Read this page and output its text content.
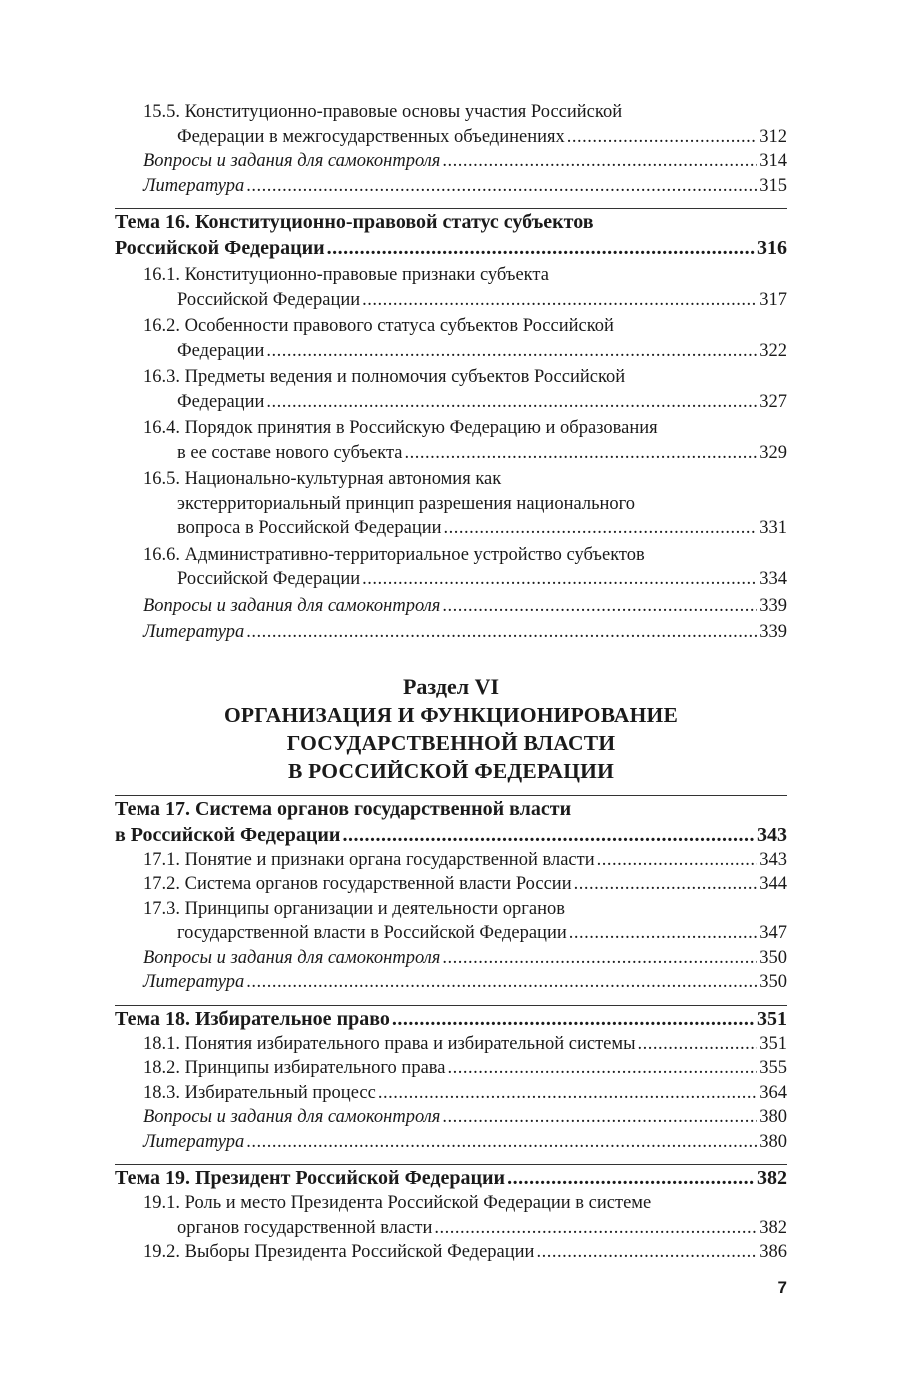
15.5. Конституционно-правовые основы участия Российской
Федерации в межгосударственных объединениях .....	312
Вопросы и задания для самоконтроля .....	314
Литература .....	315
Тема 16. Конституционно-правовой статус субъектов
Российской Федерации .....	316
16.1. Конституционно-правовые признаки субъекта
Российской Федерации .....	317
16.2. Особенности правового статуса субъектов Российской
Федерации .....	322
16.3. Предметы ведения и полномочия субъектов Российской
Федерации .....	327
16.4. Порядок принятия в Российскую Федерацию и образования
в ее составе нового субъекта .....	329
16.5. Национально-культурная автономия как
экстерриториальный принцип разрешения национального
вопроса в Российской Федерации .....	331
16.6. Административно-территориальное устройство субъектов
Российской Федерации .....	334
Вопросы и задания для самоконтроля .....	339
Литература .....	339
Раздел VI
ОРГАНИЗАЦИЯ И ФУНКЦИОНИРОВАНИЕ
ГОСУДАРСТВЕННОЙ ВЛАСТИ
В РОССИЙСКОЙ ФЕДЕРАЦИИ
Тема 17. Система органов государственной власти
в Российской Федерации .....	343
17.1. Понятие и признаки органа государственной власти .....	343
17.2. Система органов государственной власти России .....	344
17.3. Принципы организации и деятельности органов
государственной власти в Российской Федерации .....	347
Вопросы и задания для самоконтроля .....	350
Литература .....	350
Тема 18. Избирательное право .....	351
18.1. Понятия избирательного права и избирательной системы .....	351
18.2. Принципы избирательного права .....	355
18.3. Избирательный процесс .....	364
Вопросы и задания для самоконтроля .....	380
Литература .....	380
Тема 19. Президент Российской Федерации .....	382
19.1. Роль и место Президента Российской Федерации в системе
органов государственной власти .....	382
19.2. Выборы Президента Российской Федерации .....	386
7
